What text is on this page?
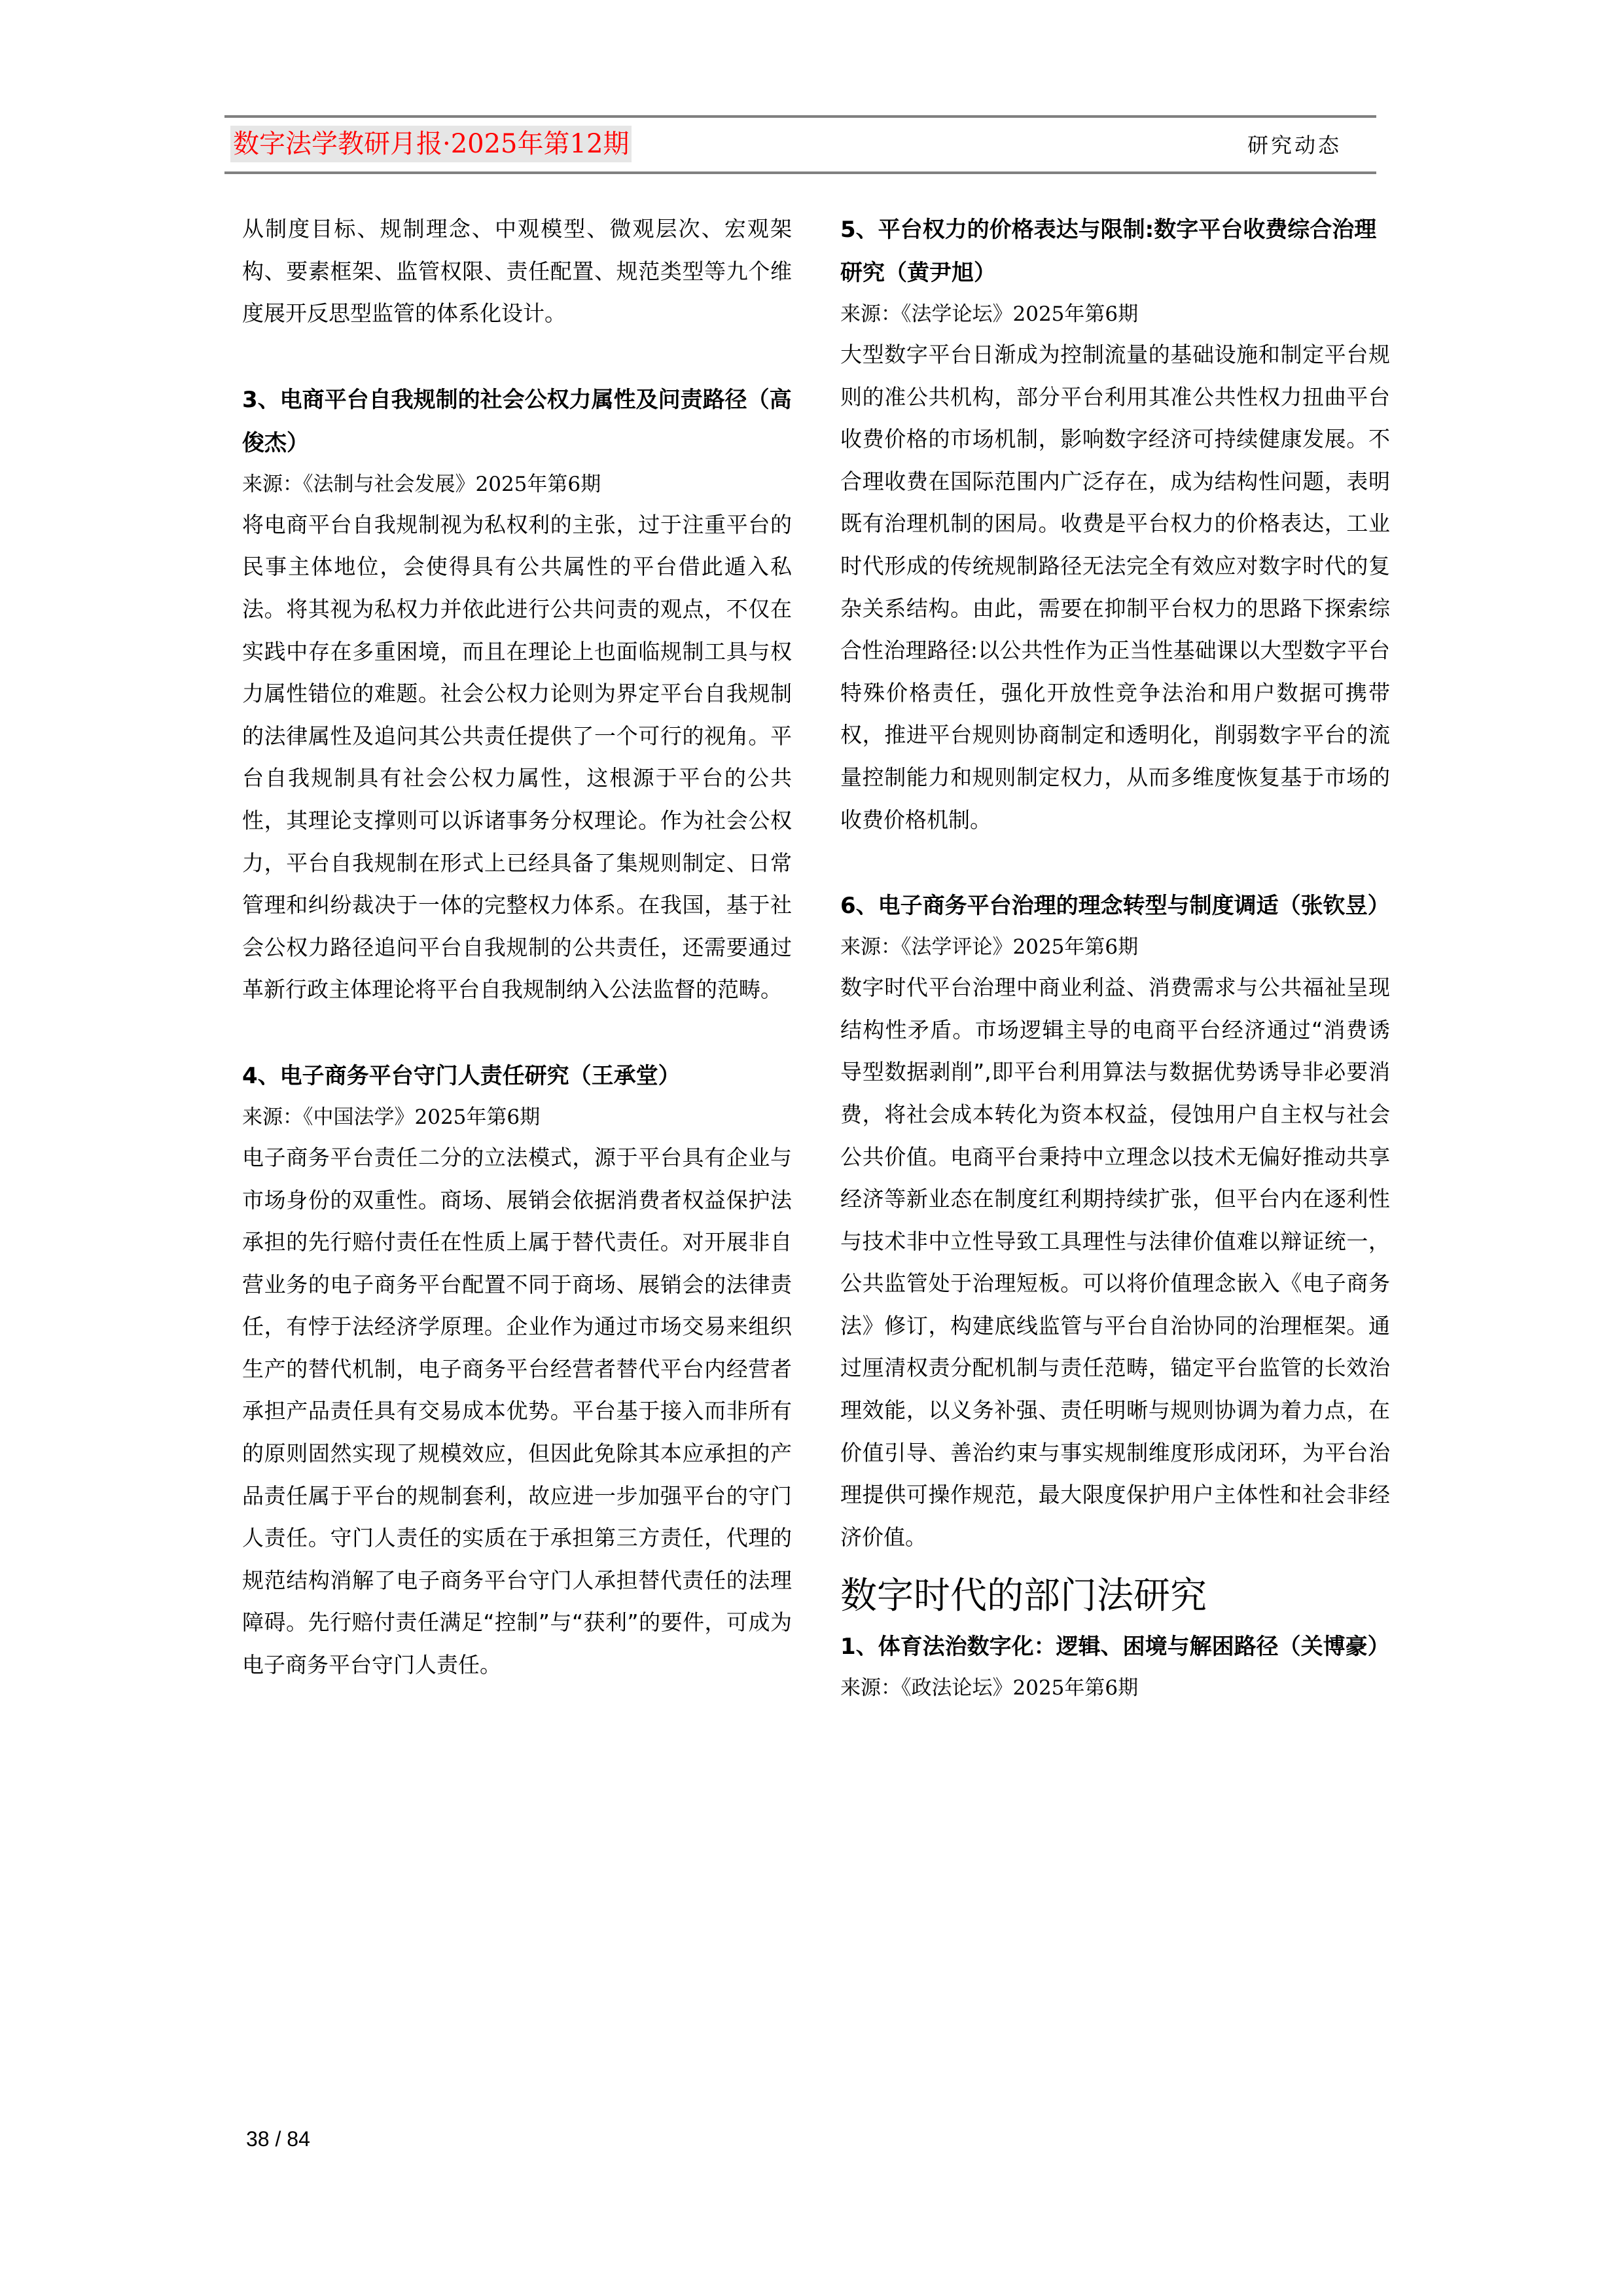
数字法学教研月报·2025年第12期	研究动态

从制度目标、规制理念、中观模型、微观层次、宏观架构、要素框架、监管权限、责任配置、规范类型等九个维度展开反思型监管的体系化设计。

3、电商平台自我规制的社会公权力属性及问责路径（高俊杰）

来源：《法制与社会发展》2025年第6期

将电商平台自我规制视为私权利的主张，过于注重平台的民事主体地位，会使得具有公共属性的平台借此遁入私法。将其视为私权力并依此进行公共问责的观点，不仅在实践中存在多重困境，而且在理论上也面临规制工具与权力属性错位的难题。社会公权力论则为界定平台自我规制的法律属性及追问其公共责任提供了一个可行的视角。平台自我规制具有社会公权力属性，这根源于平台的公共性，其理论支撑则可以诉诸事务分权理论。作为社会公权力，平台自我规制在形式上已经具备了集规则制定、日常管理和纠纷裁决于一体的完整权力体系。在我国，基于社会公权力路径追问平台自我规制的公共责任，还需要通过革新行政主体理论将平台自我规制纳入公法监督的范畴。

4、电子商务平台守门人责任研究（王承堂）

来源：《中国法学》2025年第6期

电子商务平台责任二分的立法模式，源于平台具有企业与市场身份的双重性。商场、展销会依据消费者权益保护法承担的先行赔付责任在性质上属于替代责任。对开展非自营业务的电子商务平台配置不同于商场、展销会的法律责任，有悖于法经济学原理。企业作为通过市场交易来组织生产的替代机制，电子商务平台经营者替代平台内经营者承担产品责任具有交易成本优势。平台基于接入而非所有的原则固然实现了规模效应，但因此免除其本应承担的产品责任属于平台的规制套利，故应进一步加强平台的守门人责任。守门人责任的实质在于承担第三方责任，代理的规范结构消解了电子商务平台守门人承担替代责任的法理障碍。先行赔付责任满足“控制”与“获利”的要件，可成为电子商务平台守门人责任。

5、平台权力的价格表达与限制:数字平台收费综合治理研究（黄尹旭）

来源：《法学论坛》2025年第6期

大型数字平台日渐成为控制流量的基础设施和制定平台规则的准公共机构，部分平台利用其准公共性权力扭曲平台收费价格的市场机制，影响数字经济可持续健康发展。不合理收费在国际范围内广泛存在，成为结构性问题，表明既有治理机制的困局。收费是平台权力的价格表达，工业时代形成的传统规制路径无法完全有效应对数字时代的复杂关系结构。由此，需要在抑制平台权力的思路下探索综合性治理路径:以公共性作为正当性基础课以大型数字平台特殊价格责任，强化开放性竞争法治和用户数据可携带权，推进平台规则协商制定和透明化，削弱数字平台的流量控制能力和规则制定权力，从而多维度恢复基于市场的收费价格机制。

6、电子商务平台治理的理念转型与制度调适（张钦昱）

来源：《法学评论》2025年第6期

数字时代平台治理中商业利益、消费需求与公共福祉呈现结构性矛盾。市场逻辑主导的电商平台经济通过“消费诱导型数据剥削”,即平台利用算法与数据优势诱导非必要消费，将社会成本转化为资本权益，侵蚀用户自主权与社会公共价值。电商平台秉持中立理念以技术无偏好推动共享经济等新业态在制度红利期持续扩张，但平台内在逐利性与技术非中立性导致工具理性与法律价值难以辩证统一，公共监管处于治理短板。可以将价值理念嵌入《电子商务法》修订，构建底线监管与平台自治协同的治理框架。通过厘清权责分配机制与责任范畴，锚定平台监管的长效治理效能，以义务补强、责任明晰与规则协调为着力点，在价值引导、善治约束与事实规制维度形成闭环，为平台治理提供可操作规范，最大限度保护用户主体性和社会非经济价值。

数字时代的部门法研究

1、体育法治数字化：逻辑、困境与解困路径（关博豪）

来源：《政法论坛》2025年第6期

38 / 84
